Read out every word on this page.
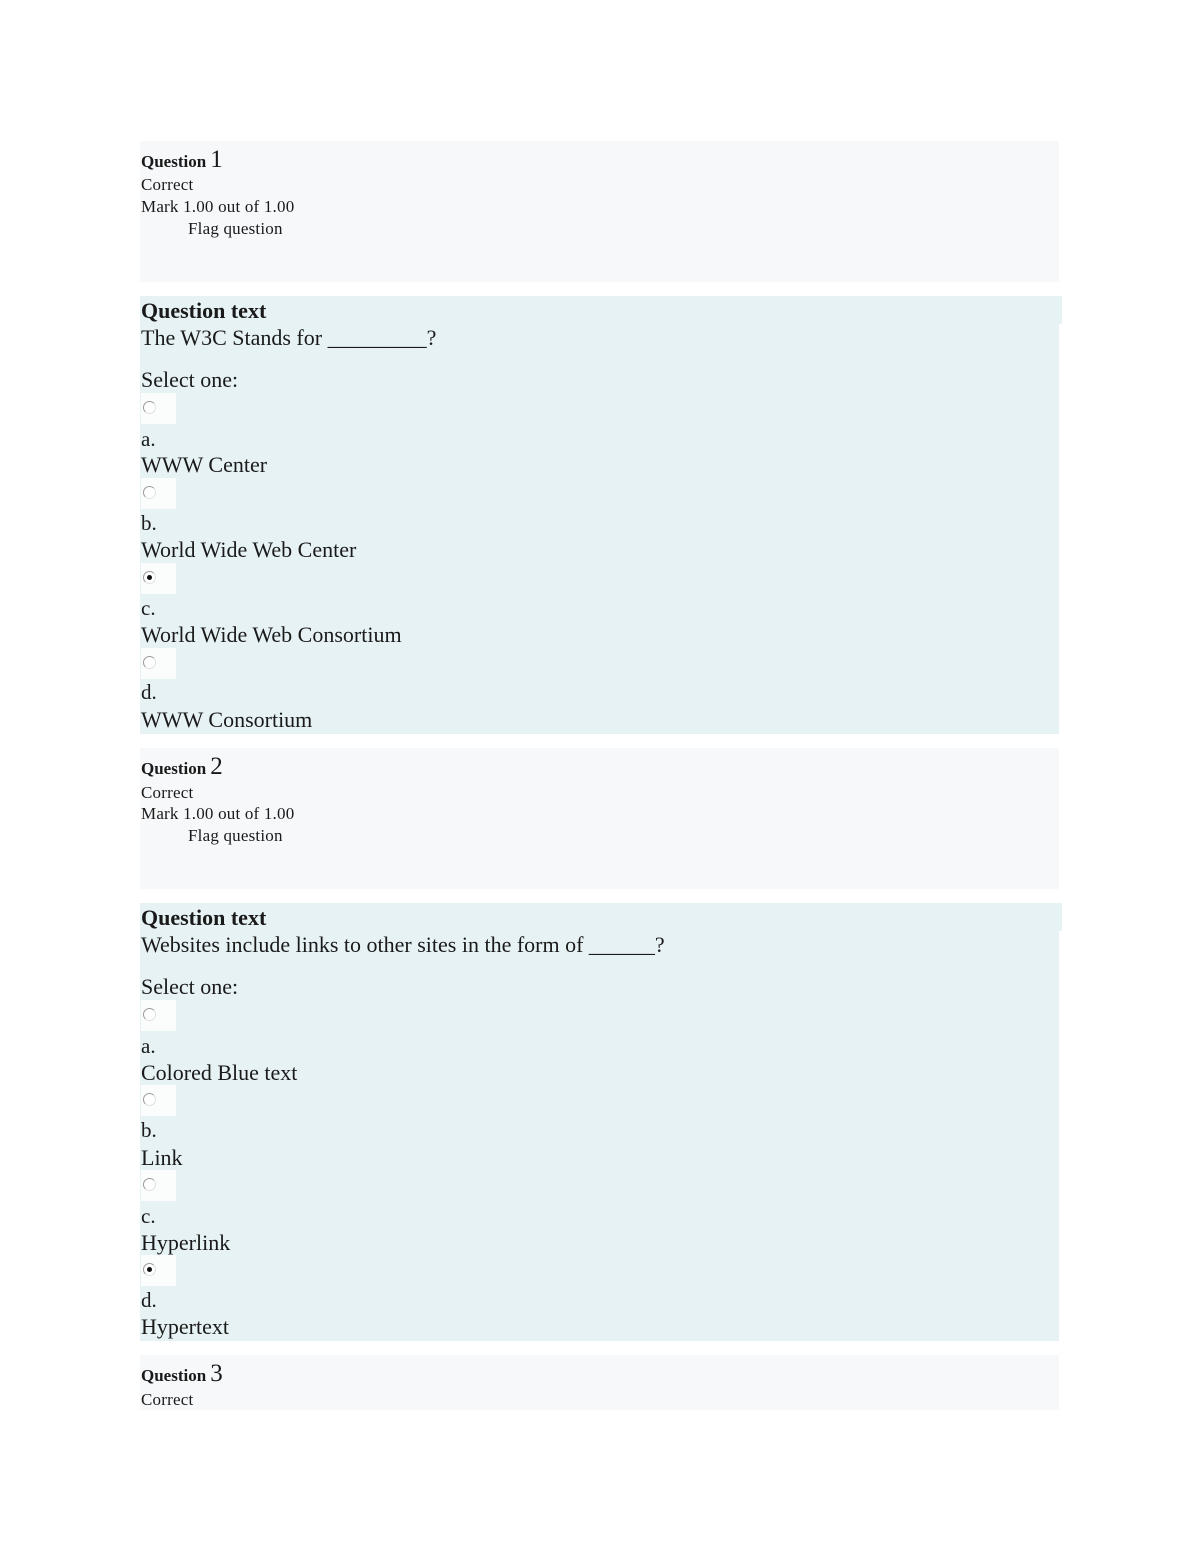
Question 1
Correct
Mark 1.00 out of 1.00
Flag question
Question text
The W3C Stands for _________?
Select one:
a.
WWW Center
b.
World Wide Web Center
c.
World Wide Web Consortium
d.
WWW Consortium
Question 2
Correct
Mark 1.00 out of 1.00
Flag question
Question text
Websites include links to other sites in the form of ______?
Select one:
a.
Colored Blue text
b.
Link
c.
Hyperlink
d.
Hypertext
Question 3
Correct
